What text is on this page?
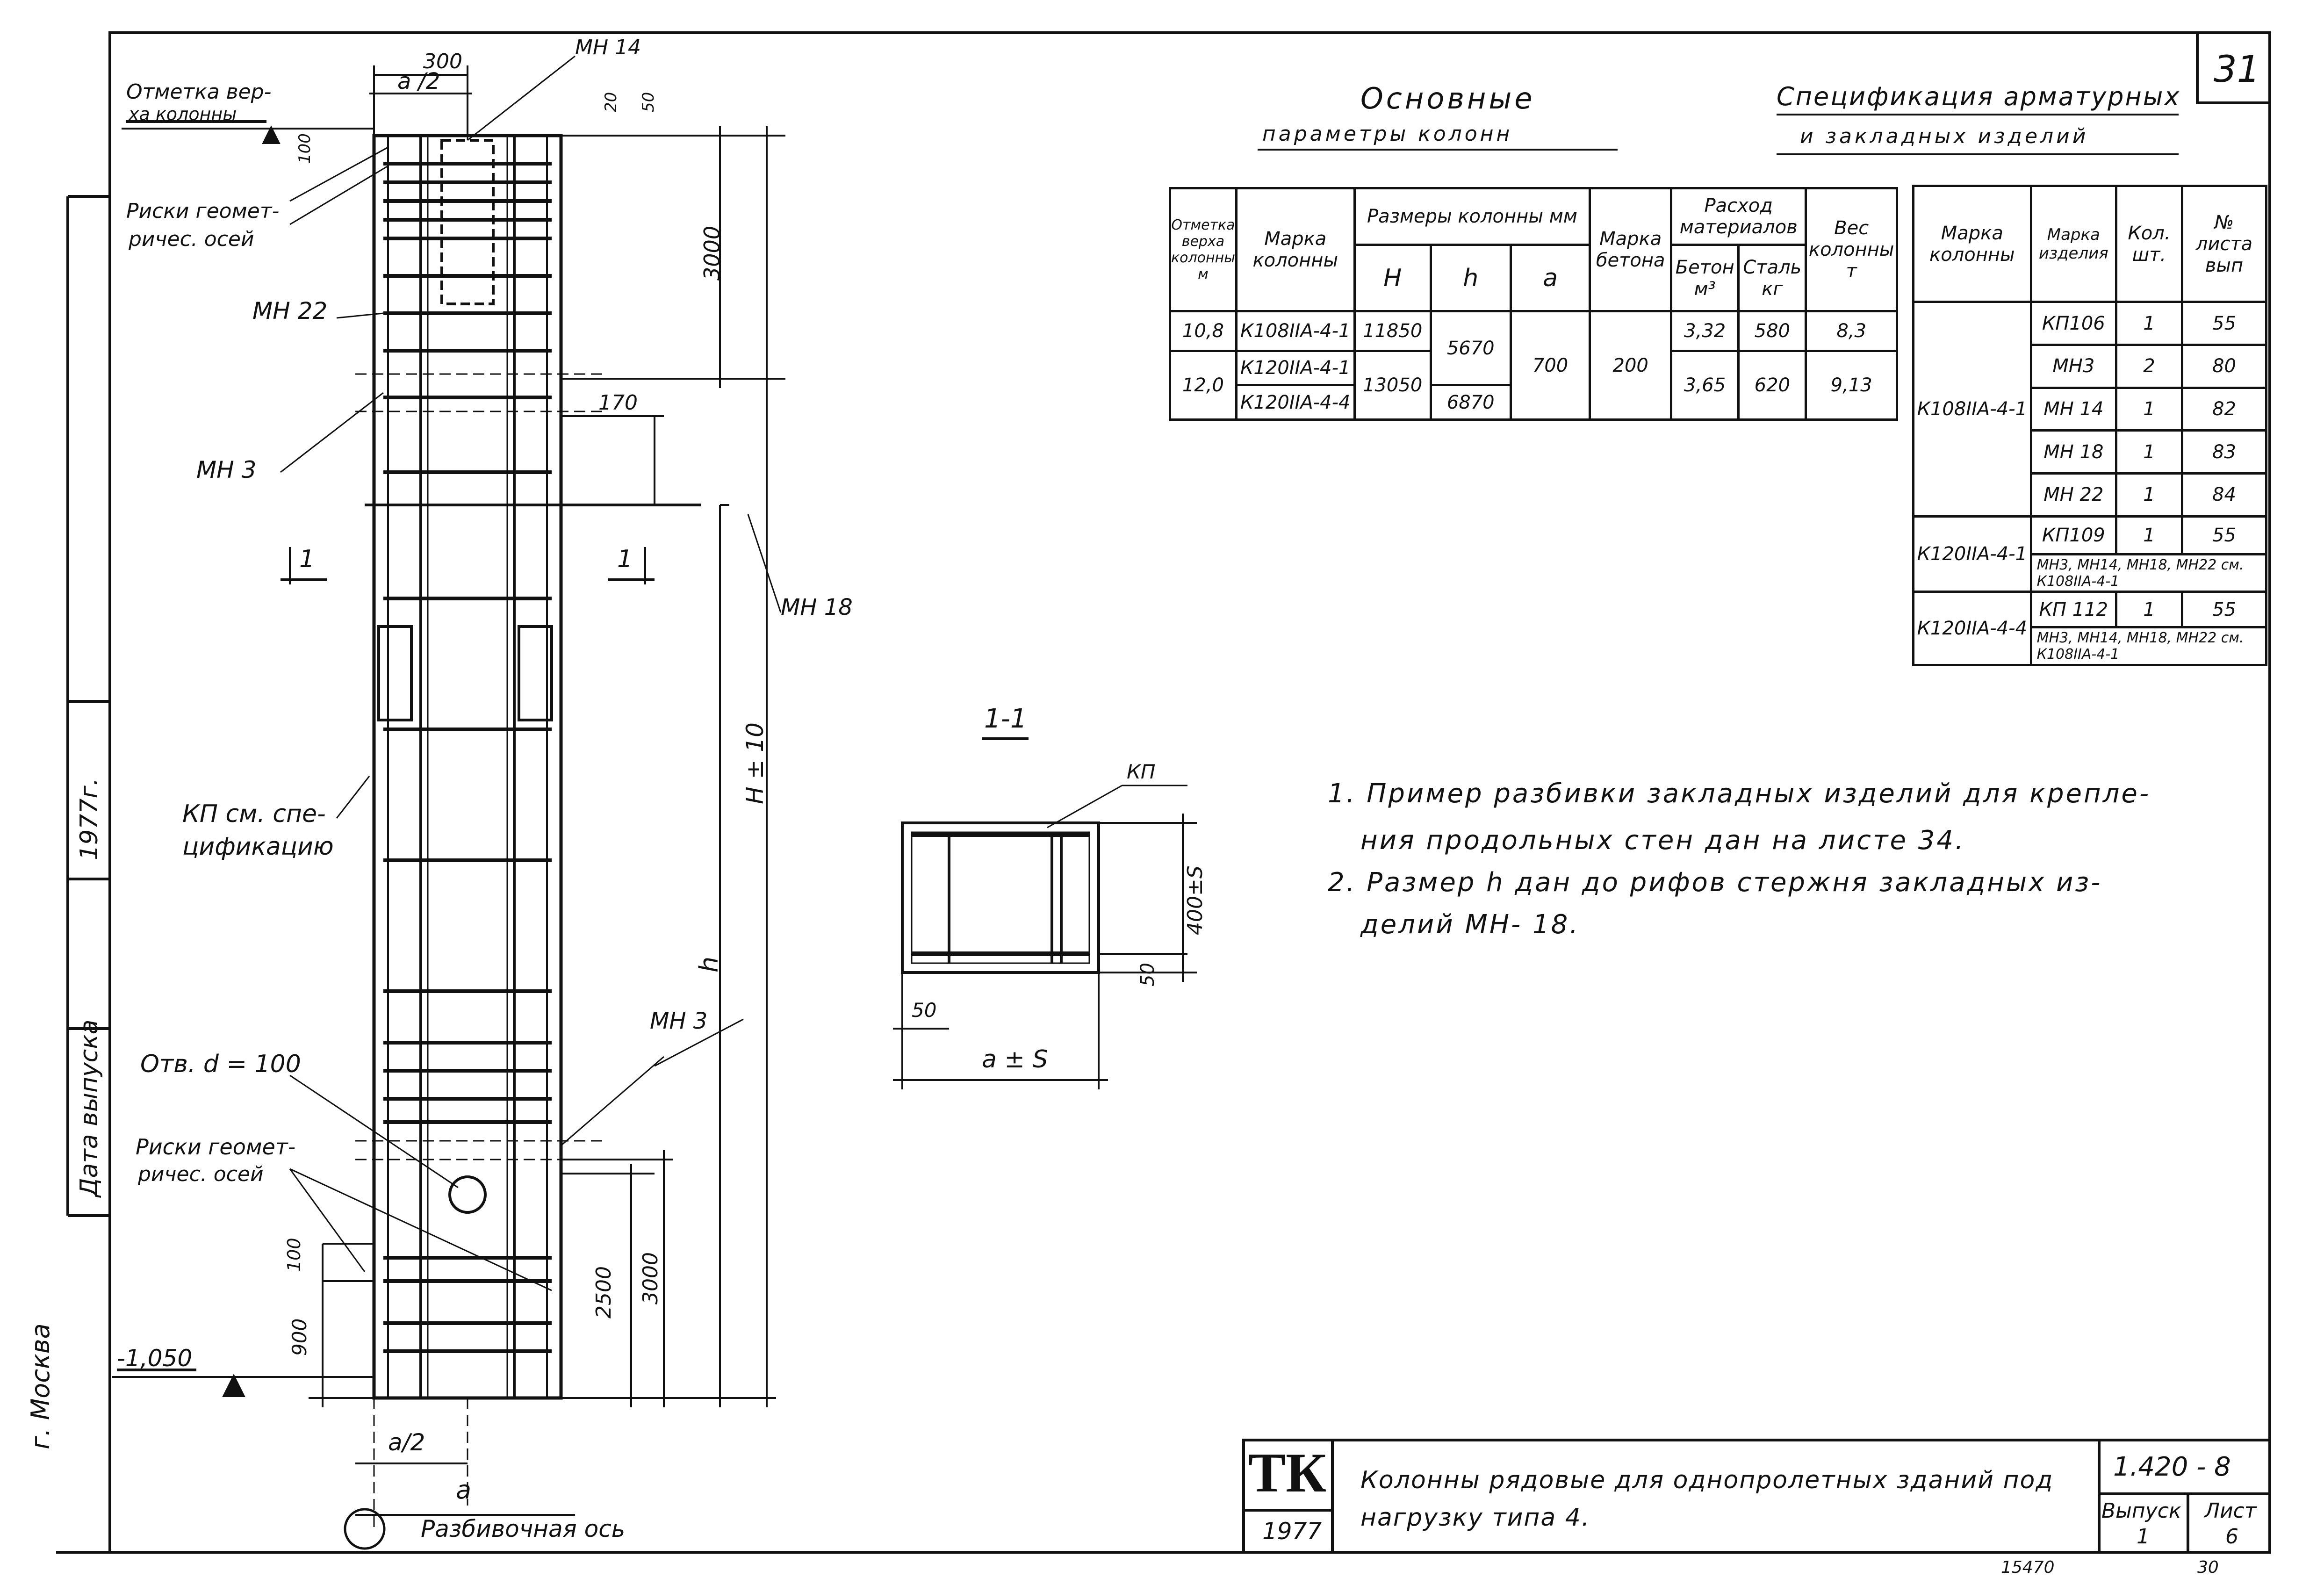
31
г. Москва
Дата выпуска
1977г.
Отметка вер-
ха колонны
Риски геомет-
ричес. осей
МН 14
МН 22
МН 3
МН 18
КП см. спе-
цификацию
МН 3
Отв. d = 100
Риски геомет-
ричес. осей
-1,050
Разбивочная ось
1	1
300
a /2
20 50
100
3000
170
H ± 10
h
100
900
2500 3000
a/2
a
1-1
КП
400±S
50
50
a ± S
Основные
параметры колонн
Спецификация арматурных
и закладных изделий
Отметка верха колонны м	Марка колонны	Размеры колонны мм			Марка бетона	Расход материалов		Вес колонны т
		H	h	a		Бетон м³	Сталь кг	
10,8	К108IIА-4-1	11850	5670	700	200	3,32	580	8,3
12,0	К120IIА-4-1	13050				3,65	620	9,13
	К120IIА-4-4		6870					
Марка колонны	Марка изделия	Кол. шт.	№ листа вып
К108IIА-4-1	КП106	1	55
	МН3	2	80
	МН 14	1	82
	МН 18	1	83
	МН 22	1	84
К120IIА-4-1	КП109	1	55
	МН3, МН14, МН18, МН22 см. К108IIА-4-1		
К120IIА-4-4	КП 112	1	55
	МН3, МН14, МН18, МН22 см. К108IIА-4-1		
1. Пример разбивки закладных изделий для крепле-
ния продольных стен дан на листе 34.
2. Размер h дан до рифов стержня закладных из-
делий МН- 18.
ТК
1977
Колонны рядовые для однопролетных зданий под
нагрузку типа 4.
1.420 - 8
Выпуск
1
Лист
6
15470	30
